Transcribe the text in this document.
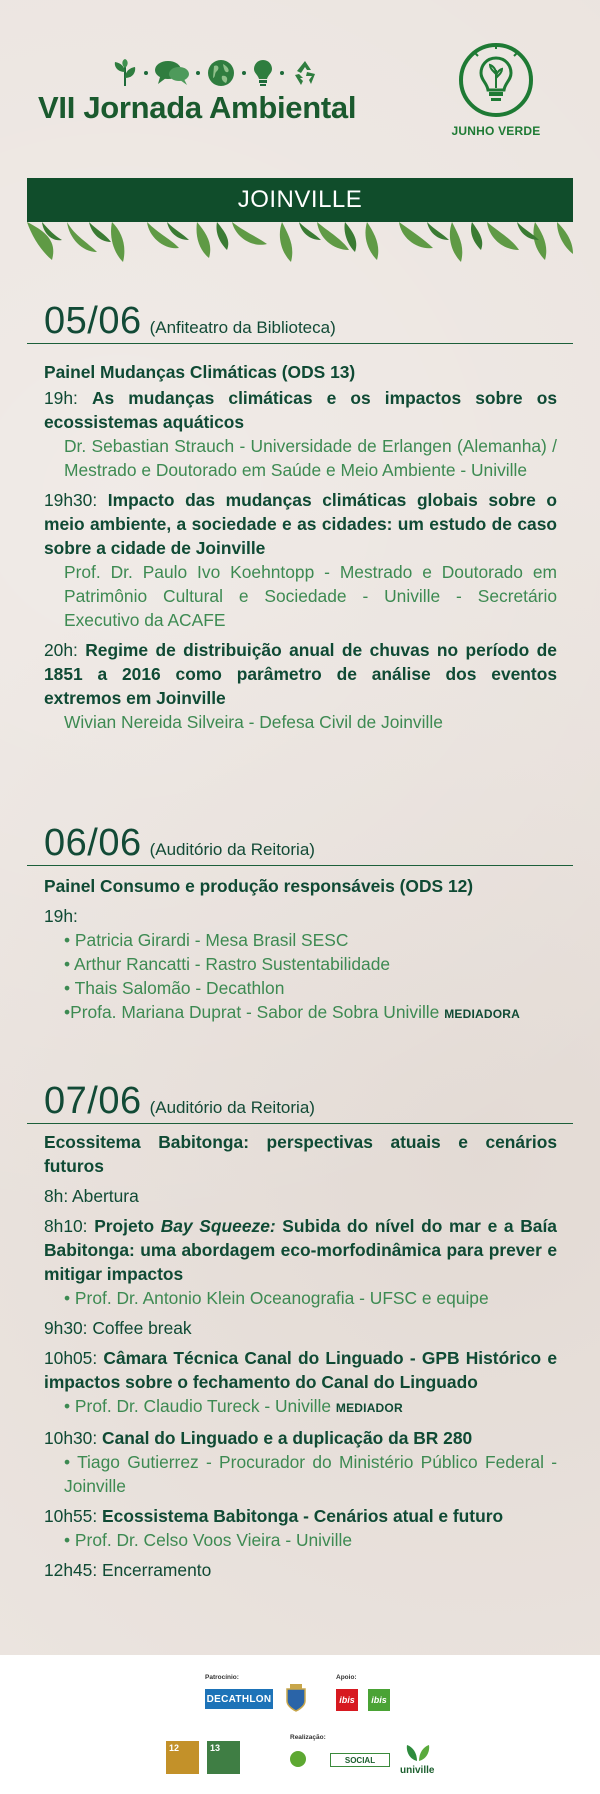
VII Jornada Ambiental
JUNHO VERDE
JOINVILLE
05/06 (Anfiteatro da Biblioteca)
Painel Mudanças Climáticas (ODS 13)
19h: As mudanças climáticas e os impactos sobre os ecossistemas aquáticos
Dr. Sebastian Strauch - Universidade de Erlangen (Alemanha) / Mestrado e Doutorado em Saúde e Meio Ambiente - Univille
19h30: Impacto das mudanças climáticas globais sobre o meio ambiente, a sociedade e as cidades: um estudo de caso sobre a cidade de Joinville
Prof. Dr. Paulo Ivo Koehntopp - Mestrado e Doutorado em Patrimônio Cultural e Sociedade - Univille - Secretário Executivo da ACAFE
20h: Regime de distribuição anual de chuvas no período de 1851 a 2016 como parâmetro de análise dos eventos extremos em Joinville
Wivian Nereida Silveira - Defesa Civil de Joinville
06/06 (Auditório da Reitoria)
Painel Consumo e produção responsáveis (ODS 12)
19h:
• Patricia Girardi - Mesa Brasil SESC
• Arthur Rancatti - Rastro Sustentabilidade
• Thais Salomão - Decathlon
•Profa. Mariana Duprat - Sabor de Sobra Univille MEDIADORA
07/06 (Auditório da Reitoria)
Ecossitema Babitonga: perspectivas atuais e cenários futuros
8h: Abertura
8h10: Projeto Bay Squeeze: Subida do nível do mar e a Baía Babitonga: uma abordagem eco-morfodinâmica para prever e mitigar impactos
• Prof. Dr. Antonio Klein Oceanografia - UFSC e equipe
9h30: Coffee break
10h05: Câmara Técnica Canal do Linguado - GPB Histórico e impactos sobre o fechamento do Canal do Linguado
• Prof. Dr. Claudio Tureck - Univille MEDIADOR
10h30: Canal do Linguado e a duplicação da BR 280
• Tiago Gutierrez - Procurador do Ministério Público Federal - Joinville
10h55: Ecossistema Babitonga - Cenários atual e futuro
• Prof. Dr. Celso Voos Vieira - Univille
12h45: Encerramento
Patrocínio:
DECATHLON
Apoio:
ibis	ibis
12	13
Realização:
SOCIAL
univille
